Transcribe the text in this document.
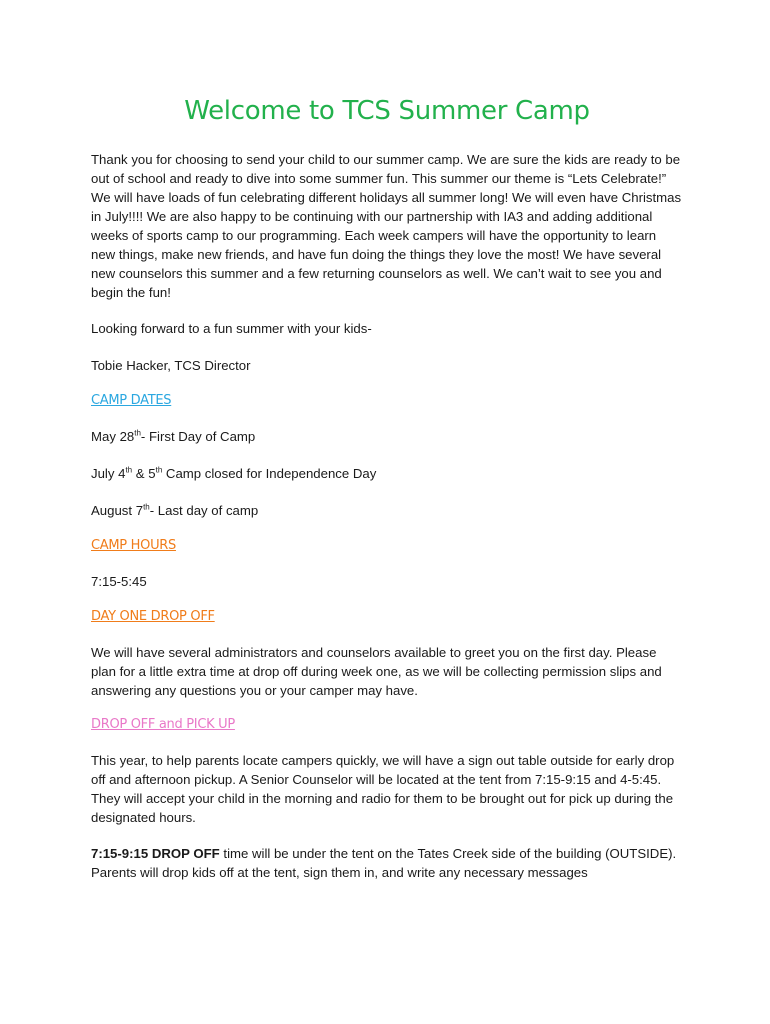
Welcome to TCS Summer Camp

Thank you for choosing to send your child to our summer camp. We are sure the kids are ready to be out of school and ready to dive into some summer fun. This summer our theme is “Lets Celebrate!” We will have loads of fun celebrating different holidays all summer long! We will even have Christmas in July!!!! We are also happy to be continuing with our partnership with IA3 and adding additional weeks of sports camp to our programming. Each week campers will have the opportunity to learn new things, make new friends, and have fun doing the things they love the most! We have several new counselors this summer and a few returning counselors as well. We can’t wait to see you and begin the fun!

Looking forward to a fun summer with your kids-

Tobie Hacker, TCS Director

CAMP DATES

May 28th- First Day of Camp

July 4th & 5th Camp closed for Independence Day

August 7th- Last day of camp

CAMP HOURS

7:15-5:45

DAY ONE DROP OFF

We will have several administrators and counselors available to greet you on the first day. Please plan for a little extra time at drop off during week one, as we will be collecting permission slips and answering any questions you or your camper may have.

DROP OFF and PICK UP

This year, to help parents locate campers quickly, we will have a sign out table outside for early drop off and afternoon pickup. A Senior Counselor will be located at the tent from 7:15-9:15 and 4-5:45. They will accept your child in the morning and radio for them to be brought out for pick up during the designated hours.

7:15-9:15 DROP OFF time will be under the tent on the Tates Creek side of the building (OUTSIDE). Parents will drop kids off at the tent, sign them in, and write any necessary messages
